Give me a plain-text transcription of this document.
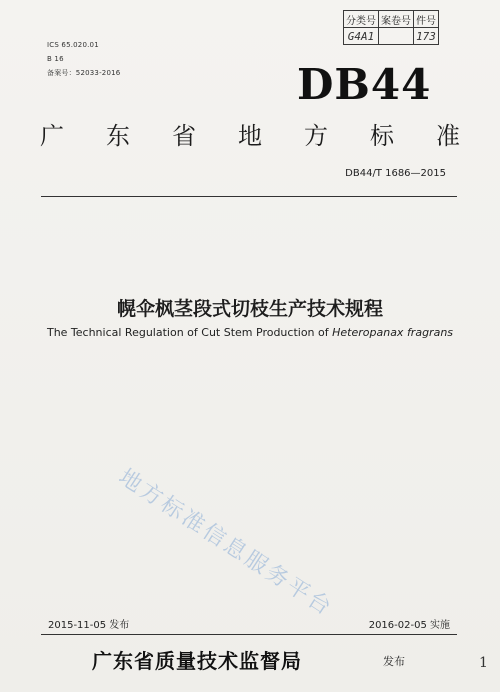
分类号	案卷号	件号
G4A1		173
ICS 65.020.01
B 16
备案号：52033-2016	DB44
广 东 省 地 方 标 准
DB44/T 1686—2015
幌伞枫茎段式切枝生产技术规程
The Technical Regulation of Cut Stem Production of Heteropanax fragrans
地方标准信息服务平台
2015-11-05 发布	2016-02-05 实施
广东省质量技术监督局	发布	1
